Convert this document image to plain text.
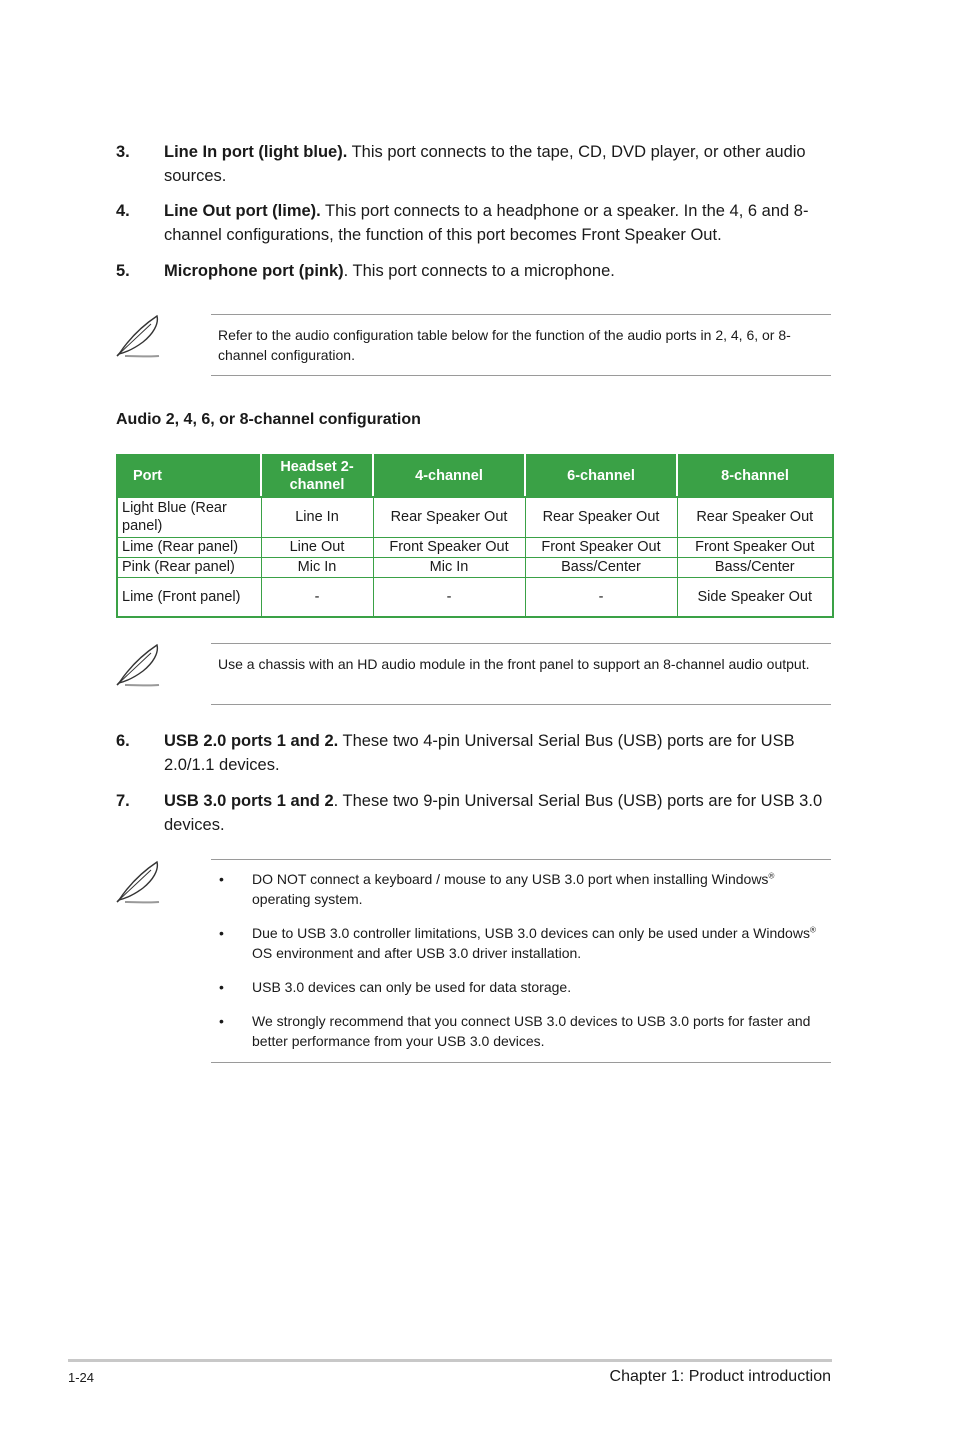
3. Line In port (light blue). This port connects to the tape, CD, DVD player, or other audio sources.
4. Line Out port (lime). This port connects to a headphone or a speaker. In the 4, 6 and 8-channel configurations, the function of this port becomes Front Speaker Out.
5. Microphone port (pink). This port connects to a microphone.
Refer to the audio configuration table below for the function of the audio ports in 2, 4, 6, or 8-channel configuration.
Audio 2, 4, 6, or 8-channel configuration
Port	Headset 2-channel	4-channel	6-channel	8-channel
Light Blue (Rear panel)	Line In	Rear Speaker Out	Rear Speaker Out	Rear Speaker Out
Lime (Rear panel)	Line Out	Front Speaker Out	Front Speaker Out	Front Speaker Out
Pink (Rear panel)	Mic In	Mic In	Bass/Center	Bass/Center
Lime (Front panel)	-	-	-	Side Speaker Out
Use a chassis with an HD audio module in the front panel to support an 8-channel audio output.
6. USB 2.0 ports 1 and 2. These two 4-pin Universal Serial Bus (USB) ports are for USB 2.0/1.1 devices.
7. USB 3.0 ports 1 and 2. These two 9-pin Universal Serial Bus (USB) ports are for USB 3.0 devices.
• DO NOT connect a keyboard / mouse to any USB 3.0 port when installing Windows® operating system.
• Due to USB 3.0 controller limitations, USB 3.0 devices can only be used under a Windows® OS environment and after USB 3.0 driver installation.
• USB 3.0 devices can only be used for data storage.
• We strongly recommend that you connect USB 3.0 devices to USB 3.0 ports for faster and better performance from your USB 3.0 devices.
1-24	Chapter 1: Product introduction
